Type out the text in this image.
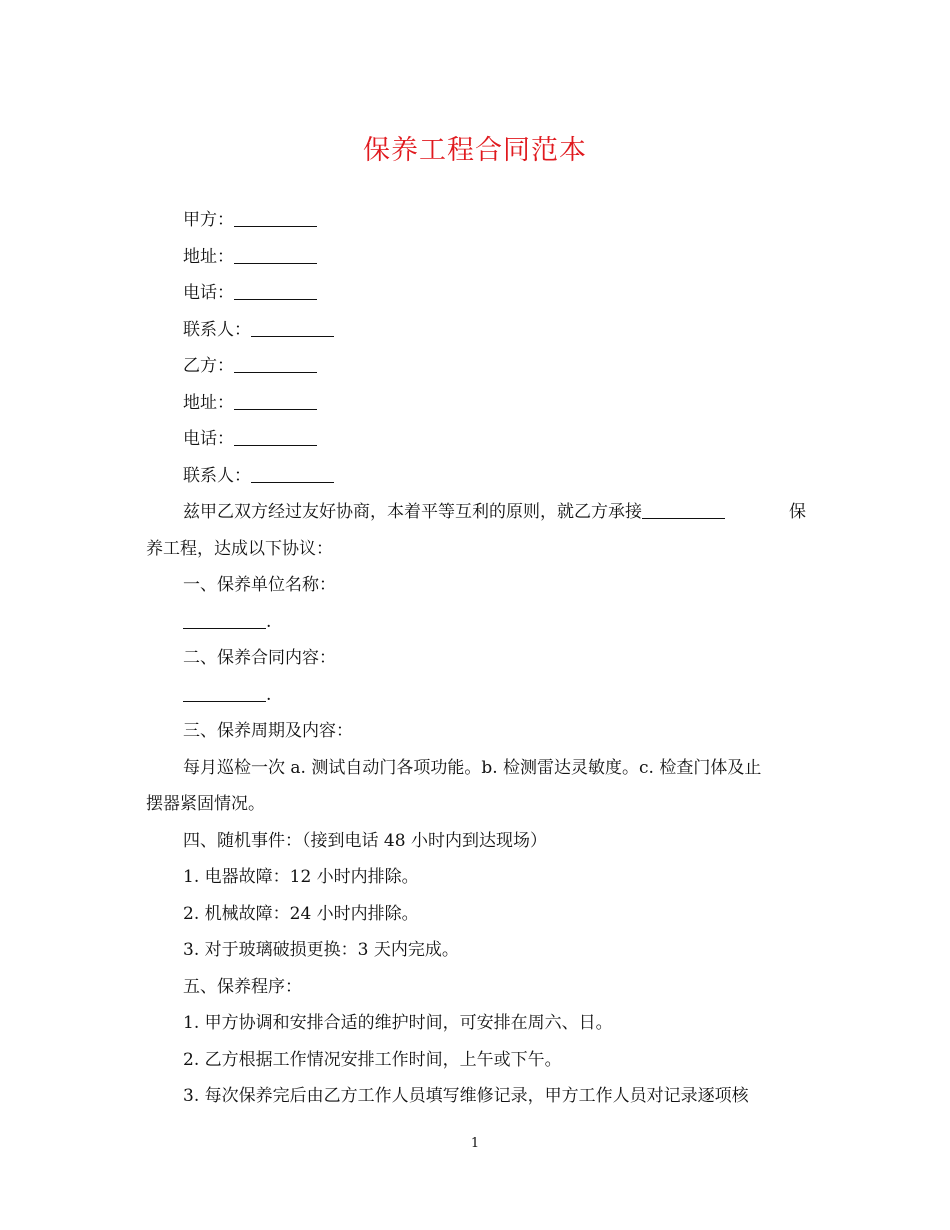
保养工程合同范本
甲方：
地址：
电话：
联系人：
乙方：
地址：
电话：
联系人：
兹甲乙双方经过友好协商，本着平等互利的原则，就乙方承接	保
养工程，达成以下协议：
一、保养单位名称：
.
二、保养合同内容：
.
三、保养周期及内容：
每月巡检一次 a. 测试自动门各项功能。b. 检测雷达灵敏度。c. 检查门体及止
摆器紧固情况。
四、随机事件：（接到电话 48 小时内到达现场）
1. 电器故障：12 小时内排除。
2. 机械故障：24 小时内排除。
3. 对于玻璃破损更换：3 天内完成。
五、保养程序：
1. 甲方协调和安排合适的维护时间，可安排在周六、日。
2. 乙方根据工作情况安排工作时间，上午或下午。
3. 每次保养完后由乙方工作人员填写维修记录，甲方工作人员对记录逐项核
1
